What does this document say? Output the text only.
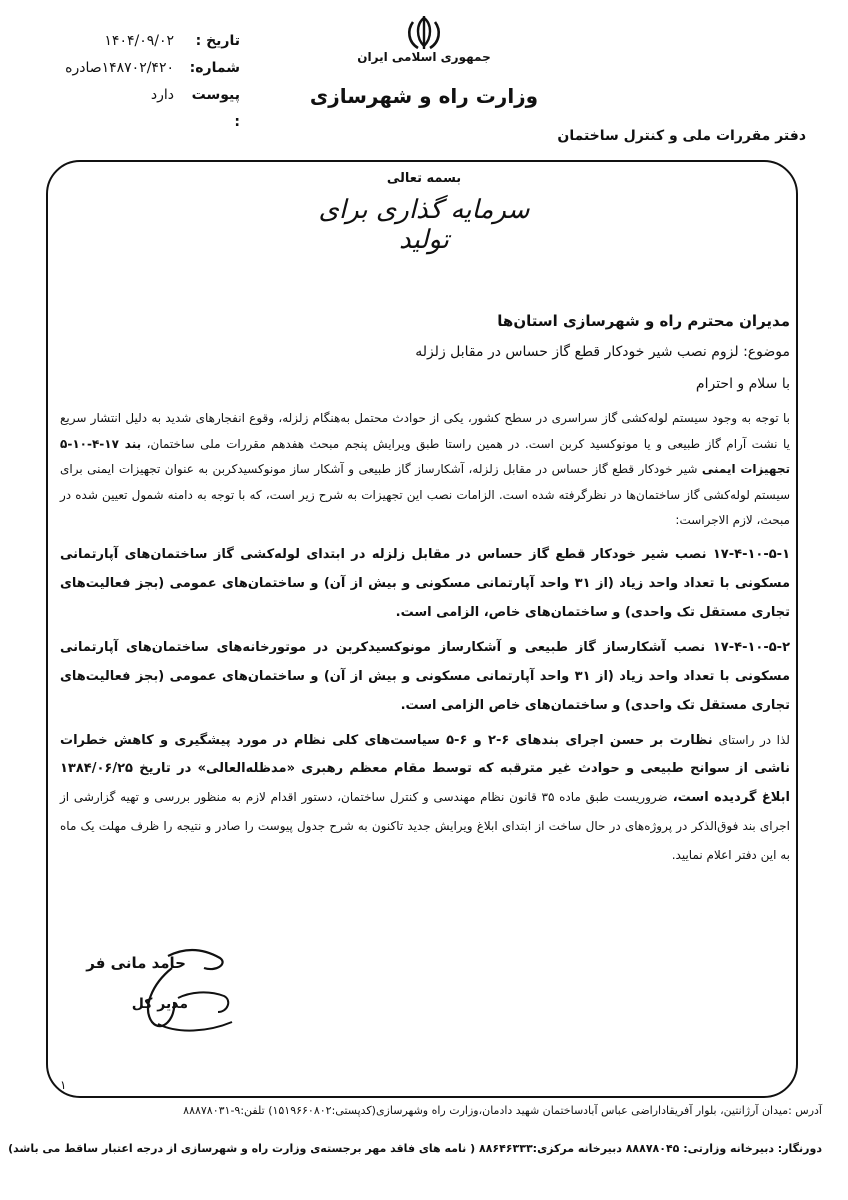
تاریخ :
۱۴۰۴/۰۹/۰۲
شماره:
۱۴۸۷۰۲/۴۲۰صادره
پیوست :
دارد
جمهوری اسلامی ایران
وزارت راه و شهرسازی
دفتر مقررات ملی و کنترل ساختمان
بسمه تعالی
سرمایه گذاری برای تولید
مدیران محترم راه و شهرسازی استان‌ها
موضوع: لزوم نصب شیر خودکار قطع گاز حساس در مقابل زلزله
با سلام و احترام
با توجه به وجود سیستم لوله‌کشی گاز سراسری در سطح کشور، یکی از حوادث محتمل به‌هنگام زلزله، وقوع انفجارهای شدید به دلیل انتشار سریع یا نشت آرام گاز طبیعی و یا مونوکسید کربن است. در همین راستا طبق ویرایش پنجم مبحث هفدهم مقررات ملی ساختمان، بند ۱۷-۴-۱۰-۵ تجهیزات ایمنی شیر خودکار قطع گاز حساس در مقابل زلزله، آشکارساز گاز طبیعی و آشکار ساز مونوکسیدکربن به عنوان تجهیزات ایمنی برای سیستم لوله‌کشی گاز ساختمان‌ها در نظرگرفته شده است. الزامات نصب این تجهیزات به شرح زیر است، که با توجه به دامنه شمول تعیین شده در مبحث، لازم الاجراست:
۱۷-۴-۱۰-۵-۱ نصب شیر خودکار قطع گاز حساس در مقابل زلزله در ابتدای لوله‌کشی گاز ساختمان‌های آپارتمانی مسکونی با تعداد واحد زیاد (از ۳۱ واحد آپارتمانی مسکونی و بیش از آن) و ساختمان‌های عمومی (بجز فعالیت‌های تجاری مستقل تک واحدی) و ساختمان‌های خاص، الزامی است.
۱۷-۴-۱۰-۵-۲ نصب آشکارساز گاز طبیعی و آشکارساز مونوکسیدکربن در موتورخانه‌های ساختمان‌های آپارتمانی مسکونی با تعداد واحد زیاد (از ۳۱ واحد آپارتمانی مسکونی و بیش از آن) و ساختمان‌های عمومی (بجز فعالیت‌های تجاری مستقل تک واحدی) و ساختمان‌های خاص الزامی است.
لذا در راستای نظارت بر حسن اجرای بندهای ۶-۲ و ۶-۵ سیاست‌های کلی نظام در مورد پیشگیری و کاهش خطرات ناشی از سوانح طبیعی و حوادث غیر مترقبه که توسط مقام معظم رهبری «مدظله‌العالی» در تاریخ ۱۳۸۴/۰۶/۲۵ ابلاغ گردیده است، ضروریست طبق ماده ۳۵ قانون نظام مهندسی و کنترل ساختمان، دستور اقدام لازم به منظور بررسی و تهیه گزارشی از اجرای بند فوق‌الذکر در پروژه‌های در حال ساخت از ابتدای ابلاغ ویرایش جدید تاکنون به شرح جدول پیوست را صادر و نتیجه را ظرف مهلت یک ماه به این دفتر اعلام نمایید.
حامد مانی فر
مدیر کل
۱
آدرس :میدان آرژانتین، بلوار آفریقاداراضی عباس آبادساختمان شهید دادمان،وزارت راه وشهرسازی(کدپستی:۱۵۱۹۶۶۰۸۰۲) تلفن:۹-۸۸۸۷۸۰۳۱
دورنگار: دبیرخانه وزارتی: ۸۸۸۷۸۰۴۵ دبیرخانه مرکزی:۸۸۶۴۶۳۳۳ ( نامه های فاقد مهر برجسته‌ی وزارت راه و شهرسازی از درجه اعتبار ساقط می باشد)
